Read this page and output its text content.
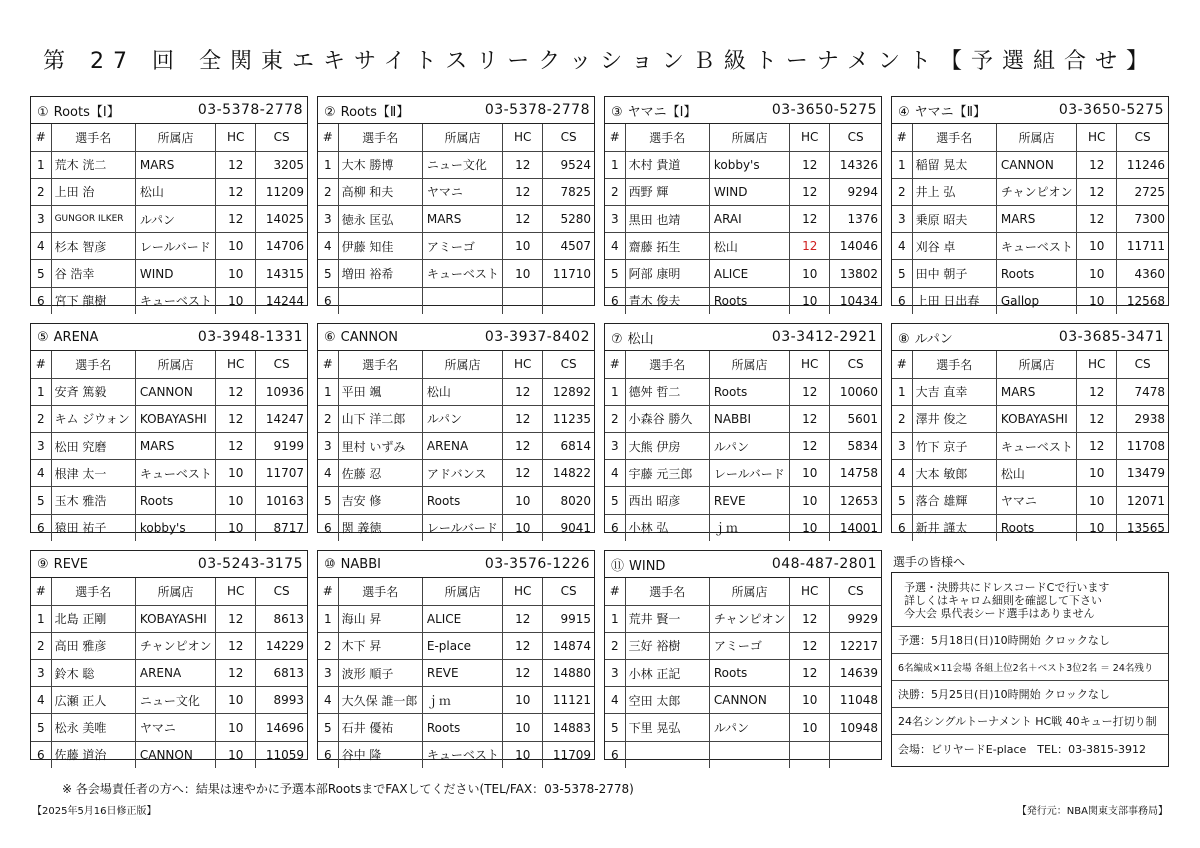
第 27 回 全関東エキサイトスリークッションＢ級トーナメント【予選組合せ】
① Roots【Ⅰ】	03-5378-2778
#	選手名	所属店	HC	CS
1	荒木 洸二	MARS	12	3205
2	上田 治	松山	12	11209
3	GUNGOR ILKER	ルパン	12	14025
4	杉本 智彦	レールバード	10	14706
5	谷 浩幸	WIND	10	14315
6	宮下 龍樹	キューベスト	10	14244
② Roots【Ⅱ】	03-5378-2778
#	選手名	所属店	HC	CS
1	大木 勝博	ニュー文化	12	9524
2	高柳 和夫	ヤマニ	12	7825
3	徳永 匡弘	MARS	12	5280
4	伊藤 知佳	アミーゴ	10	4507
5	増田 裕希	キューベスト	10	11710
6				
③ ヤマニ【Ⅰ】	03-3650-5275
#	選手名	所属店	HC	CS
1	木村 貴道	kobby's	12	14326
2	西野 輝	WIND	12	9294
3	黒田 也靖	ARAI	12	1376
4	齋藤 拓生	松山	12	14046
5	阿部 康明	ALICE	10	13802
6	青木 俊夫	Roots	10	10434
④ ヤマニ【Ⅱ】	03-3650-5275
#	選手名	所属店	HC	CS
1	稲留 晃太	CANNON	12	11246
2	井上 弘	チャンピオン	12	2725
3	乗原 昭夫	MARS	12	7300
4	刈谷 卓	キューベスト	10	11711
5	田中 朝子	Roots	10	4360
6	上田 日出春	Gallop	10	12568
⑤ ARENA	03-3948-1331
#	選手名	所属店	HC	CS
1	安斉 篤毅	CANNON	12	10936
2	キム ジウォン	KOBAYASHI	12	14247
3	松田 究磨	MARS	12	9199
4	根津 太一	キューベスト	10	11707
5	玉木 雅浩	Roots	10	10163
6	猿田 祐子	kobby's	10	8717
⑥ CANNON	03-3937-8402
#	選手名	所属店	HC	CS
1	平田 颯	松山	12	12892
2	山下 洋二郎	ルパン	12	11235
3	里村 いずみ	ARENA	12	6814
4	佐藤 忍	アドバンス	12	14822
5	吉安 修	Roots	10	8020
6	関 義徳	レールバード	10	9041
⑦ 松山	03-3412-2921
#	選手名	所属店	HC	CS
1	德舛 哲二	Roots	12	10060
2	小森谷 勝久	NABBI	12	5601
3	大熊 伊房	ルパン	12	5834
4	宇藤 元三郎	レールバード	10	14758
5	西出 昭彦	REVE	10	12653
6	小林 弘	ｊｍ	10	14001
⑧ ルパン	03-3685-3471
#	選手名	所属店	HC	CS
1	大吉 直幸	MARS	12	7478
2	澤井 俊之	KOBAYASHI	12	2938
3	竹下 京子	キューベスト	12	11708
4	大本 敏郎	松山	10	13479
5	落合 雄輝	ヤマニ	10	12071
6	新井 謹太	Roots	10	13565
⑨ REVE	03-5243-3175
#	選手名	所属店	HC	CS
1	北島 正剛	KOBAYASHI	12	8613
2	高田 雅彦	チャンピオン	12	14229
3	鈴木 聡	ARENA	12	6813
4	広瀬 正人	ニュー文化	10	8993
5	松永 美唯	ヤマニ	10	14696
6	佐藤 道治	CANNON	10	11059
⑩ NABBI	03-3576-1226
#	選手名	所属店	HC	CS
1	海山 昇	ALICE	12	9915
2	木下 昇	E-place	12	14874
3	波形 順子	REVE	12	14880
4	大久保 誰一郎	ｊｍ	10	11121
5	石井 優祐	Roots	10	14883
6	谷中 隆	キューベスト	10	11709
⑪ WIND	048-487-2801
#	選手名	所属店	HC	CS
1	荒井 賢一	チャンピオン	12	9929
2	三好 裕樹	アミーゴ	12	12217
3	小林 正記	Roots	12	14639
4	空田 太郎	CANNON	10	11048
5	下里 晃弘	ルパン	10	10948
6				
選手の皆様へ
予選・決勝共にドレスコードCで行います
詳しくはキャロム細則を確認して下さい
今大会 県代表シード選手はありません
予選：5月18日(日)10時開始 クロックなし
6名編成×11会場 各組上位2名＋ベスト3位2名 ＝ 24名残り
決勝：5月25日(日)10時開始 クロックなし
24名シングルトーナメント HC戦 40キュー打切り制
会場：ビリヤードE-place　TEL：03-3815-3912
※ 各会場責任者の方へ：結果は速やかに予選本部RootsまでFAXしてください(TEL/FAX：03-5378-2778)
【2025年5月16日修正版】	【発行元：NBA関東支部事務局】
